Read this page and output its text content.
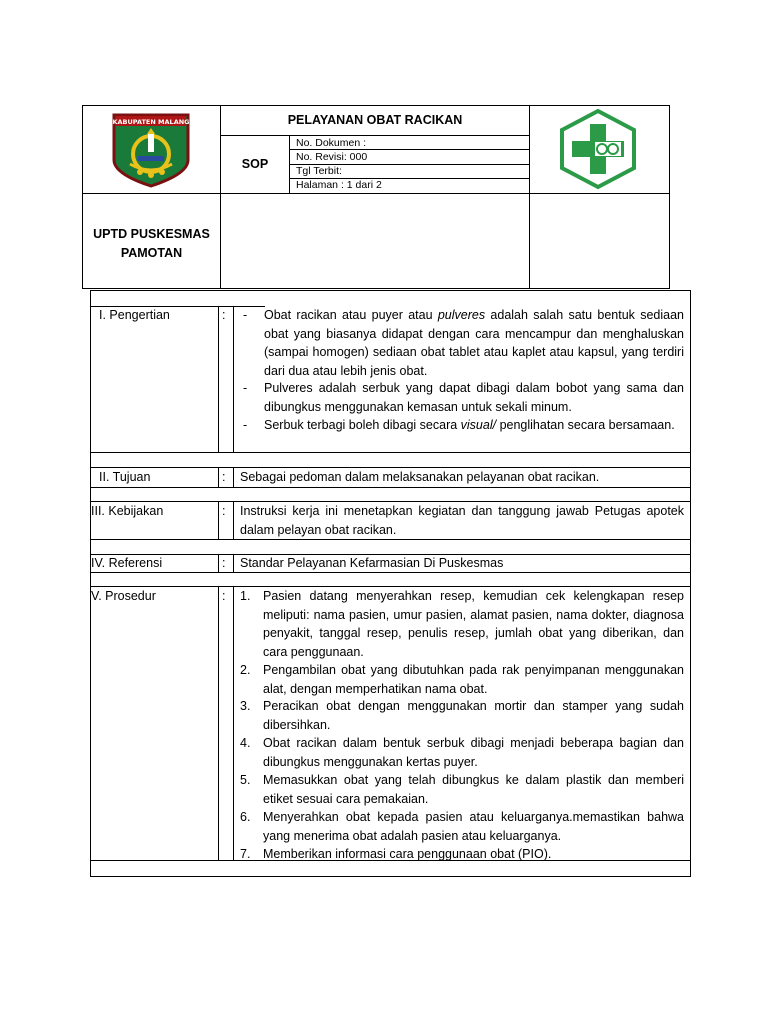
KABUPATEN MALANG	PELAYANAN OBAT RACIKAN
SOP
No. Dokumen :
No. Revisi: 000
Tgl Terbit:
Halaman : 1 dari 2
UPTD PUSKESMAS
PAMOTAN
I. Pengertian	: - Obat racikan atau puyer atau pulveres adalah salah satu bentuk sediaan obat yang biasanya didapat dengan cara mencampur dan menghaluskan (sampai homogen) sediaan obat tablet atau kaplet atau kapsul, yang terdiri dari dua atau lebih jenis obat.
- Pulveres adalah serbuk yang dapat dibagi dalam bobot yang sama dan dibungkus menggunakan kemasan untuk sekali minum.
- Serbuk terbagi boleh dibagi secara visual/ penglihatan secara bersamaan.
II. Tujuan	: Sebagai pedoman dalam melaksanakan pelayanan obat racikan.
III. Kebijakan	: Instruksi kerja ini menetapkan kegiatan dan tanggung jawab Petugas apotek dalam pelayan obat racikan.
IV. Referensi	: Standar Pelayanan Kefarmasian Di Puskesmas
V. Prosedur	: 1. Pasien datang menyerahkan resep, kemudian cek kelengkapan resep meliputi: nama pasien, umur pasien, alamat pasien, nama dokter, diagnosa penyakit, tanggal resep, penulis resep, jumlah obat yang diberikan, dan cara penggunaan.
2. Pengambilan obat yang dibutuhkan pada rak penyimpanan menggunakan alat, dengan memperhatikan nama obat.
3. Peracikan obat dengan menggunakan mortir dan stamper yang sudah dibersihkan.
4. Obat racikan dalam bentuk serbuk dibagi menjadi beberapa bagian dan dibungkus menggunakan kertas puyer.
5. Memasukkan obat yang telah dibungkus ke dalam plastik dan memberi etiket sesuai cara pemakaian.
6. Menyerahkan obat kepada pasien atau keluarganya.memastikan bahwa yang menerima obat adalah pasien atau keluarganya.
7. Memberikan informasi cara penggunaan obat (PIO).
